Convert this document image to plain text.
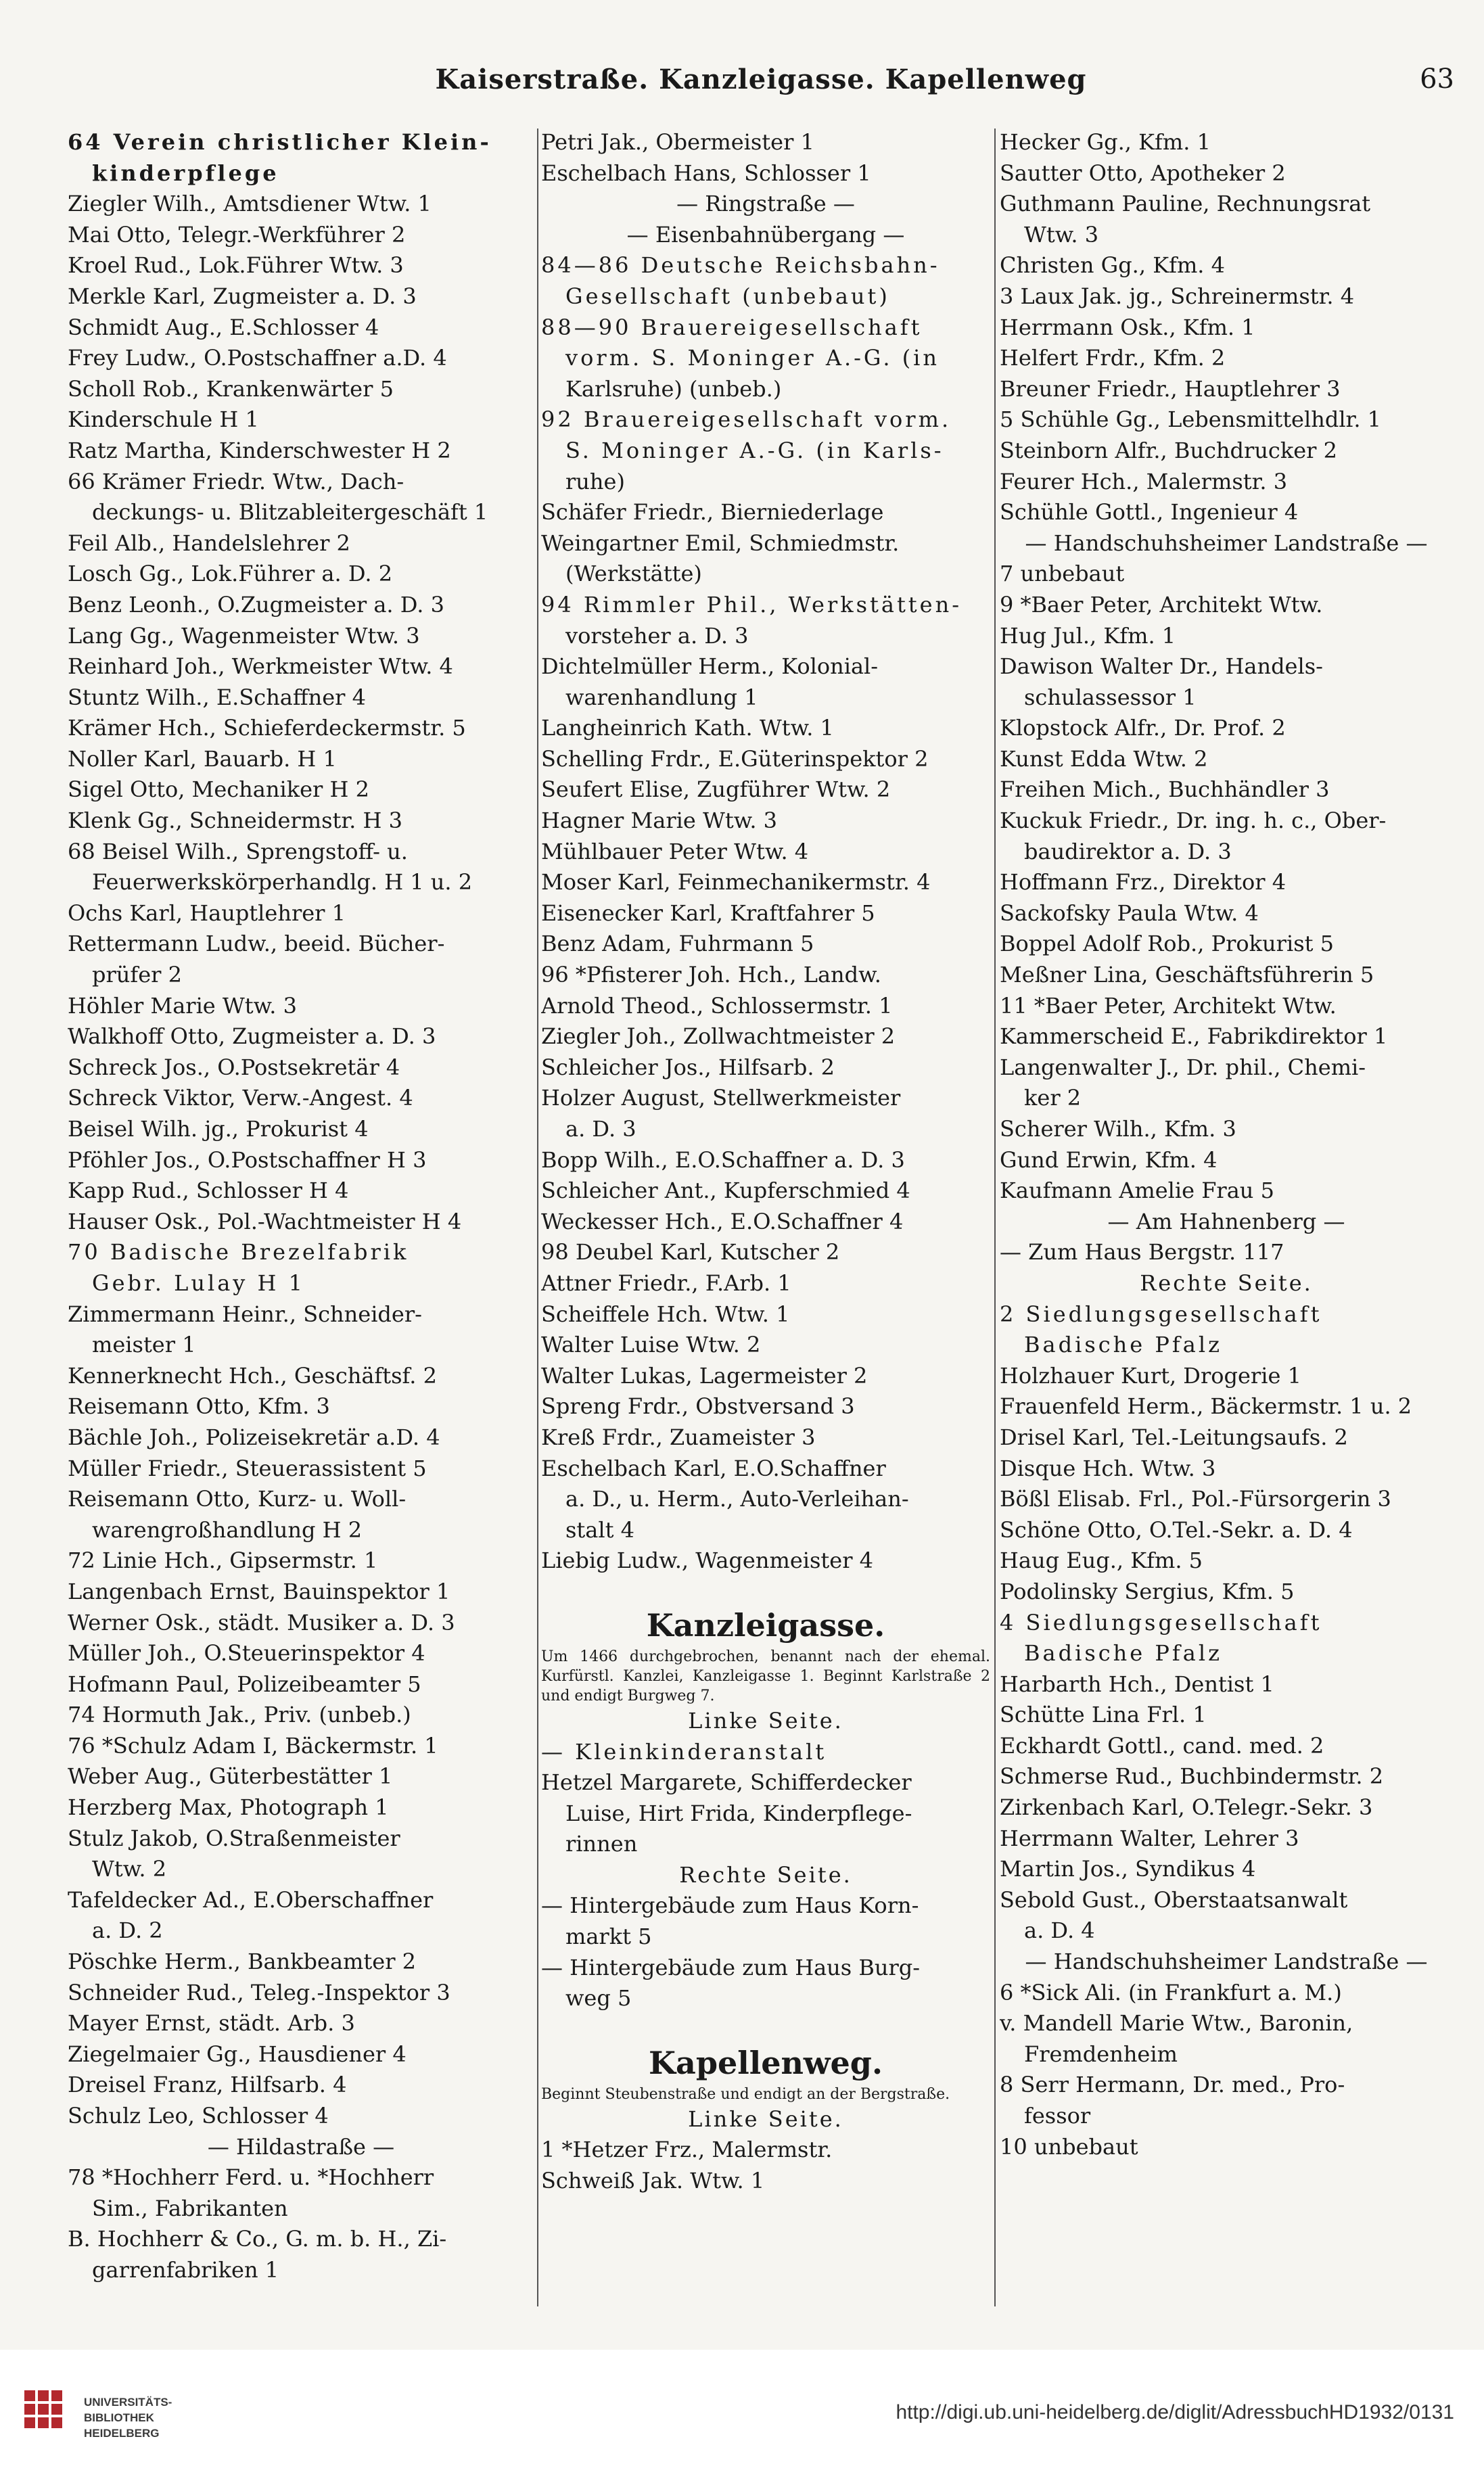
Kaiserstraße. Kanzleigasse. Kapellenweg	63
64 Verein christlicher Klein-
kinderpflege
Ziegler Wilh., Amtsdiener Wtw. 1
Mai Otto, Telegr.-Werkführer 2
Kroel Rud., Lok.Führer Wtw. 3
Merkle Karl, Zugmeister a. D. 3
Schmidt Aug., E.Schlosser 4
Frey Ludw., O.Postschaffner a.D. 4
Scholl Rob., Krankenwärter 5
Kinderschule H 1
Ratz Martha, Kinderschwester H 2
66 Krämer Friedr. Wtw., Dach-
deckungs- u. Blitzableitergeschäft 1
Feil Alb., Handelslehrer 2
Losch Gg., Lok.Führer a. D. 2
Benz Leonh., O.Zugmeister a. D. 3
Lang Gg., Wagenmeister Wtw. 3
Reinhard Joh., Werkmeister Wtw. 4
Stuntz Wilh., E.Schaffner 4
Krämer Hch., Schieferdeckermstr. 5
Noller Karl, Bauarb. H 1
Sigel Otto, Mechaniker H 2
Klenk Gg., Schneidermstr. H 3
68 Beisel Wilh., Sprengstoff- u.
Feuerwerkskörperhandlg. H 1 u. 2
Ochs Karl, Hauptlehrer 1
Rettermann Ludw., beeid. Bücher-
prüfer 2
Höhler Marie Wtw. 3
Walkhoff Otto, Zugmeister a. D. 3
Schreck Jos., O.Postsekretär 4
Schreck Viktor, Verw.-Angest. 4
Beisel Wilh. jg., Prokurist 4
Pföhler Jos., O.Postschaffner H 3
Kapp Rud., Schlosser H 4
Hauser Osk., Pol.-Wachtmeister H 4
70 Badische Brezelfabrik
Gebr. Lulay H 1
Zimmermann Heinr., Schneider-
meister 1
Kennerknecht Hch., Geschäftsf. 2
Reisemann Otto, Kfm. 3
Bächle Joh., Polizeisekretär a.D. 4
Müller Friedr., Steuerassistent 5
Reisemann Otto, Kurz- u. Woll-
warengroßhandlung H 2
72 Linie Hch., Gipsermstr. 1
Langenbach Ernst, Bauinspektor 1
Werner Osk., städt. Musiker a. D. 3
Müller Joh., O.Steuerinspektor 4
Hofmann Paul, Polizeibeamter 5
74 Hormuth Jak., Priv. (unbeb.)
76 *Schulz Adam I, Bäckermstr. 1
Weber Aug., Güterbestätter 1
Herzberg Max, Photograph 1
Stulz Jakob, O.Straßenmeister
Wtw. 2
Tafeldecker Ad., E.Oberschaffner
a. D. 2
Pöschke Herm., Bankbeamter 2
Schneider Rud., Teleg.-Inspektor 3
Mayer Ernst, städt. Arb. 3
Ziegelmaier Gg., Hausdiener 4
Dreisel Franz, Hilfsarb. 4
Schulz Leo, Schlosser 4
— Hildastraße —
78 *Hochherr Ferd. u. *Hochherr
Sim., Fabrikanten
B. Hochherr & Co., G. m. b. H., Zi-
garrenfabriken 1
Petri Jak., Obermeister 1
Eschelbach Hans, Schlosser 1
— Ringstraße —
— Eisenbahnübergang —
84—86 Deutsche Reichsbahn-
Gesellschaft (unbebaut)
88—90 Brauereigesellschaft
vorm. S. Moninger A.-G. (in
Karlsruhe) (unbeb.)
92 Brauereigesellschaft vorm.
S. Moninger A.-G. (in Karls-
ruhe)
Schäfer Friedr., Bierniederlage
Weingartner Emil, Schmiedmstr.
(Werkstätte)
94 Rimmler Phil., Werkstätten-
vorsteher a. D. 3
Dichtelmüller Herm., Kolonial-
warenhandlung 1
Langheinrich Kath. Wtw. 1
Schelling Frdr., E.Güterinspektor 2
Seufert Elise, Zugführer Wtw. 2
Hagner Marie Wtw. 3
Mühlbauer Peter Wtw. 4
Moser Karl, Feinmechanikermstr. 4
Eisenecker Karl, Kraftfahrer 5
Benz Adam, Fuhrmann 5
96 *Pfisterer Joh. Hch., Landw.
Arnold Theod., Schlossermstr. 1
Ziegler Joh., Zollwachtmeister 2
Schleicher Jos., Hilfsarb. 2
Holzer August, Stellwerkmeister
a. D. 3
Bopp Wilh., E.O.Schaffner a. D. 3
Schleicher Ant., Kupferschmied 4
Weckesser Hch., E.O.Schaffner 4
98 Deubel Karl, Kutscher 2
Attner Friedr., F.Arb. 1
Scheiffele Hch. Wtw. 1
Walter Luise Wtw. 2
Walter Lukas, Lagermeister 2
Spreng Frdr., Obstversand 3
Kreß Frdr., Zuameister 3
Eschelbach Karl, E.O.Schaffner
a. D., u. Herm., Auto-Verleihan-
stalt 4
Liebig Ludw., Wagenmeister 4
Kanzleigasse.
Um 1466 durchgebrochen, benannt nach der ehemal. Kurfürstl. Kanzlei, Kanzleigasse 1. Beginnt Karlstraße 2 und endigt Burgweg 7.
Linke Seite.
— Kleinkinderanstalt
Hetzel Margarete, Schifferdecker
Luise, Hirt Frida, Kinderpflege-
rinnen
Rechte Seite.
— Hintergebäude zum Haus Korn-
markt 5
— Hintergebäude zum Haus Burg-
weg 5
Kapellenweg.
Beginnt Steubenstraße und endigt an der Bergstraße.
Linke Seite.
1 *Hetzer Frz., Malermstr.
Schweiß Jak. Wtw. 1
Hecker Gg., Kfm. 1
Sautter Otto, Apotheker 2
Guthmann Pauline, Rechnungsrat
Wtw. 3
Christen Gg., Kfm. 4
3 Laux Jak. jg., Schreinermstr. 4
Herrmann Osk., Kfm. 1
Helfert Frdr., Kfm. 2
Breuner Friedr., Hauptlehrer 3
5 Schühle Gg., Lebensmittelhdlr. 1
Steinborn Alfr., Buchdrucker 2
Feurer Hch., Malermstr. 3
Schühle Gottl., Ingenieur 4
— Handschuhsheimer Landstraße —
7 unbebaut
9 *Baer Peter, Architekt Wtw.
Hug Jul., Kfm. 1
Dawison Walter Dr., Handels-
schulassessor 1
Klopstock Alfr., Dr. Prof. 2
Kunst Edda Wtw. 2
Freihen Mich., Buchhändler 3
Kuckuk Friedr., Dr. ing. h. c., Ober-
baudirektor a. D. 3
Hoffmann Frz., Direktor 4
Sackofsky Paula Wtw. 4
Boppel Adolf Rob., Prokurist 5
Meßner Lina, Geschäftsführerin 5
11 *Baer Peter, Architekt Wtw.
Kammerscheid E., Fabrikdirektor 1
Langenwalter J., Dr. phil., Chemi-
ker 2
Scherer Wilh., Kfm. 3
Gund Erwin, Kfm. 4
Kaufmann Amelie Frau 5
— Am Hahnenberg —
— Zum Haus Bergstr. 117
Rechte Seite.
2 Siedlungsgesellschaft
Badische Pfalz
Holzhauer Kurt, Drogerie 1
Frauenfeld Herm., Bäckermstr. 1 u. 2
Drisel Karl, Tel.-Leitungsaufs. 2
Disque Hch. Wtw. 3
Bößl Elisab. Frl., Pol.-Fürsorgerin 3
Schöne Otto, O.Tel.-Sekr. a. D. 4
Haug Eug., Kfm. 5
Podolinsky Sergius, Kfm. 5
4 Siedlungsgesellschaft
Badische Pfalz
Harbarth Hch., Dentist 1
Schütte Lina Frl. 1
Eckhardt Gottl., cand. med. 2
Schmerse Rud., Buchbindermstr. 2
Zirkenbach Karl, O.Telegr.-Sekr. 3
Herrmann Walter, Lehrer 3
Martin Jos., Syndikus 4
Sebold Gust., Oberstaatsanwalt
a. D. 4
— Handschuhsheimer Landstraße —
6 *Sick Ali. (in Frankfurt a. M.)
v. Mandell Marie Wtw., Baronin,
Fremdenheim
8 Serr Hermann, Dr. med., Pro-
fessor
10 unbebaut
UNIVERSITÄTS-
BIBLIOTHEK
HEIDELBERG
http://digi.ub.uni-heidelberg.de/diglit/AdressbuchHD1932/0131
